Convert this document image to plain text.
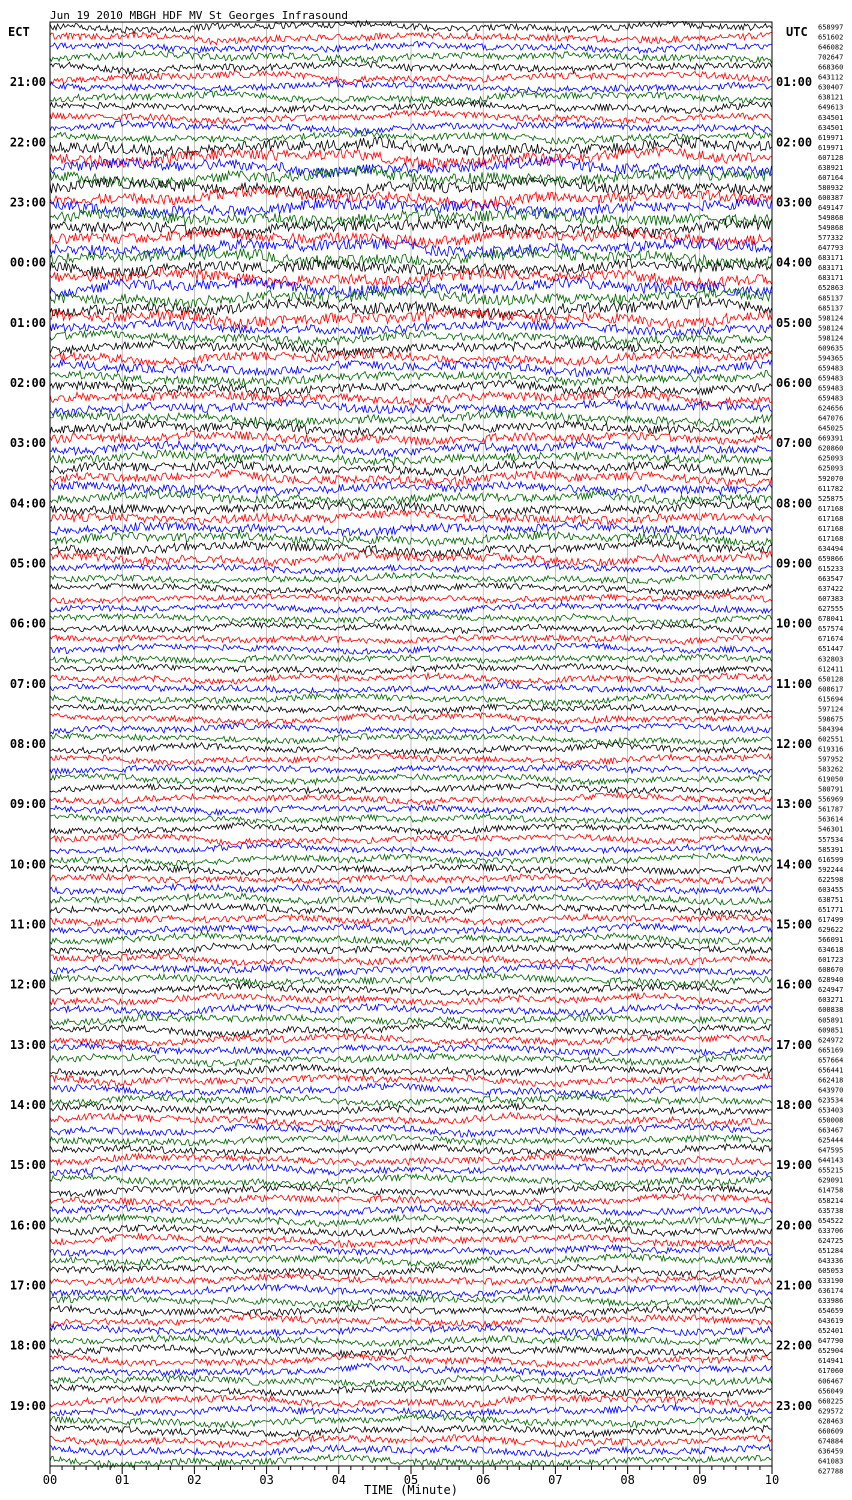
00	01	02	03	04	05	06	07	08	09	10
Jun 19 2010 MBGH HDF MV St Georges Infrasound
ECT	UTC
TIME (Minute)
21:00
22:00
23:00
00:00
01:00
02:00
03:00
04:00
05:00
06:00
07:00
08:00
09:00
10:00
11:00
12:00
13:00
14:00
15:00
16:00
17:00
18:00
19:00
01:00
02:00
03:00
04:00
05:00
06:00
07:00
08:00
09:00
10:00
11:00
12:00
13:00
14:00
15:00
16:00
17:00
18:00
19:00
20:00
21:00
22:00
23:00
658997
651602
646082
702647
668360
643112
630407
638121
649613
634501
634501
619971
619971
607128
638921
607164
580932
600387
649147
549868
549868
577332
647793
683171
683171
683171
652863
685137
685137
598124
598124
598124
609635
594365
659483
659483
659483
659483
624656
647076
645025
669391
620860
625093
625093
592070
611782
525875
617168
617168
617168
617168
634494
659866
615233
663547
637422
607383
627555
678041
657574
671674
651447
632803
612411
650128
608617
615694
597124
598675
584394
602551
619316
597952
583262
619050
580791
556969
561787
563614
546301
557534
585391
616599
592244
622598
603455
638751
651771
617499
629622
566091
634618
601723
608670
628940
624947
603271
600838
605891
609851
624972
665169
657664
656441
662418
643970
623534
653403
650008
663467
625444
647595
644143
655215
629091
614758
658214
635738
654522
633706
624725
651284
643336
605053
633190
636174
633986
654659
643619
652401
647790
652904
614941
617060
606467
656049
660225
629572
628463
660609
674884
636459
641083
627788
